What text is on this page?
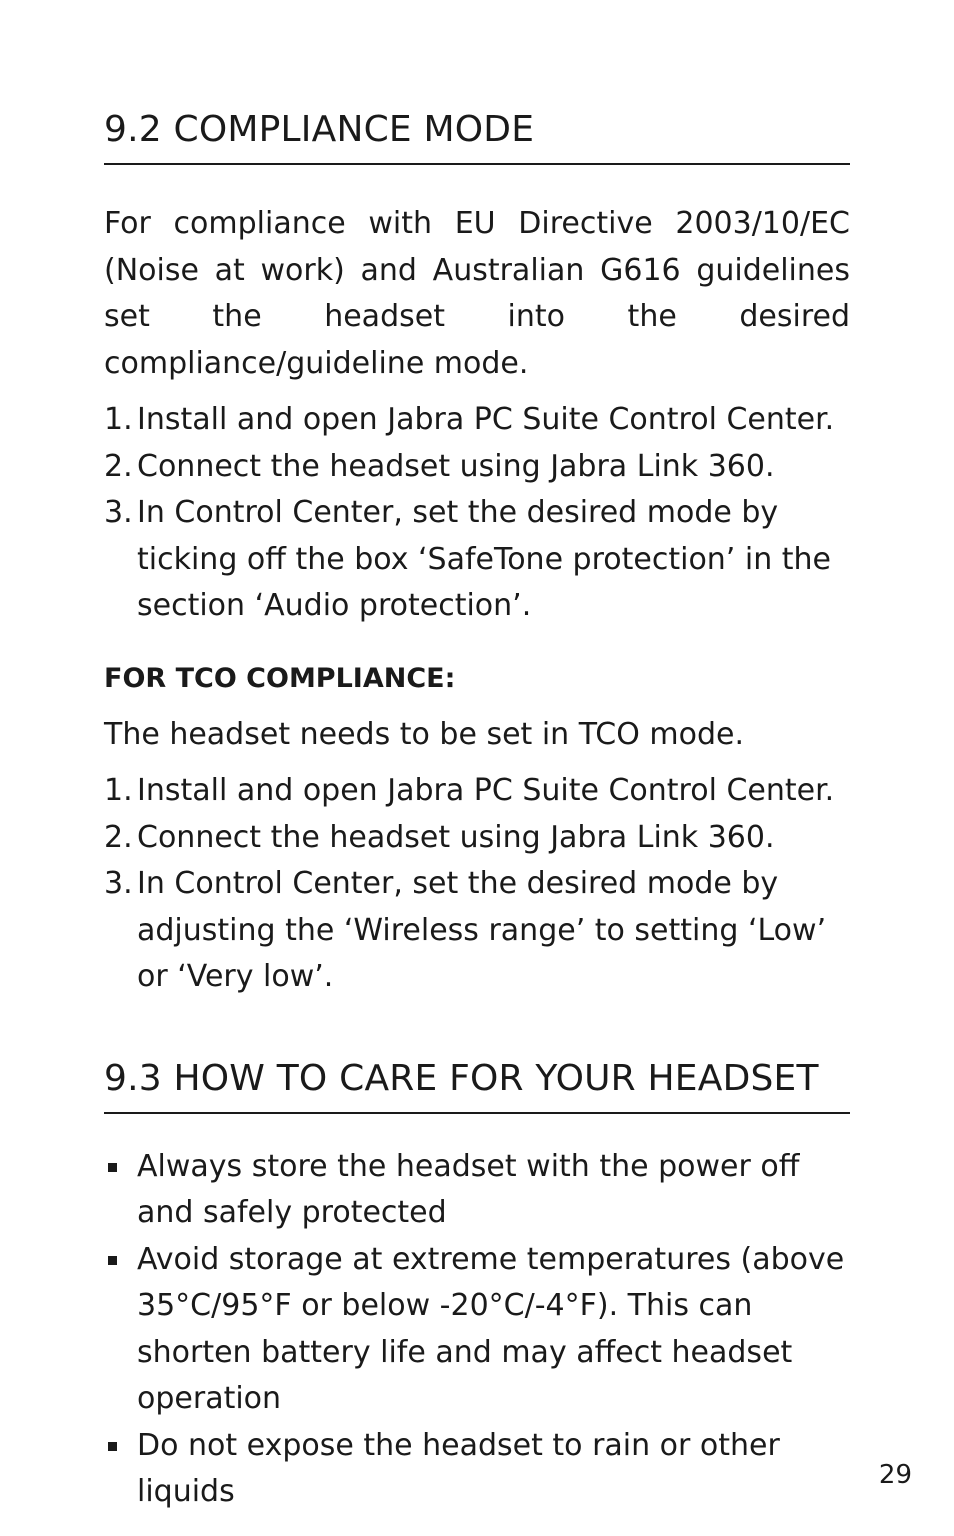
9.2 COMPLIANCE MODE

For compliance with EU Directive 2003/10/EC (Noise at work) and Australian G616 guidelines set the headset into the desired compliance/guideline mode.

1. Install and open Jabra PC Suite Control Center.
2. Connect the headset using Jabra Link 360.
3. In Control Center, set the desired mode by ticking off the box ‘SafeTone protection’ in the section ‘Audio protection’.
FOR TCO COMPLIANCE:

The headset needs to be set in TCO mode.

1. Install and open Jabra PC Suite Control Center.
2. Connect the headset using Jabra Link 360.
3. In Control Center, set the desired mode by adjusting the ‘Wireless range’ to setting ‘Low’ or ‘Very low’.
9.3 HOW TO CARE FOR YOUR HEADSET
Always store the headset with the power off and safely protected
Avoid storage at extreme temperatures (above 35°C/95°F or below -20°C/-4°F). This can shorten battery life and may affect headset operation
Do not expose the headset to rain or other liquids	29
